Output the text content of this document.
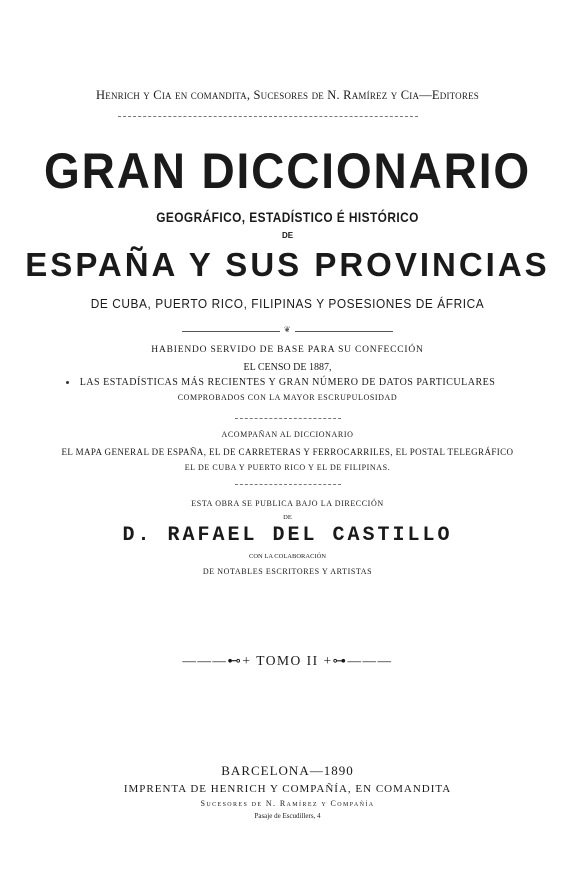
Henrich y Cia en comandita, Sucesores de N. Ramírez y Cia—Editores
GRAN DICCIONARIO
GEOGRÁFICO, ESTADÍSTICO É HISTÓRICO
DE
ESPAÑA Y SUS PROVINCIAS
DE CUBA, PUERTO RICO, FILIPINAS Y POSESIONES DE ÁFRICA
❦
HABIENDO SERVIDO DE BASE PARA SU CONFECCIÓN
EL CENSO DE 1887,
LAS ESTADÍSTICAS MÁS RECIENTES Y GRAN NÚMERO DE DATOS PARTICULARES
COMPROBADOS CON LA MAYOR ESCRUPULOSIDAD
ACOMPAÑAN AL DICCIONARIO
EL MAPA GENERAL DE ESPAÑA, EL DE CARRETERAS Y FERROCARRILES, EL POSTAL TELEGRÁFICO
EL DE CUBA Y PUERTO RICO Y EL DE FILIPINAS.
ESTA OBRA SE PUBLICA BAJO LA DIRECCIÓN
DE
D. RAFAEL DEL CASTILLO
CON LA COLABORACIÓN
DE NOTABLES ESCRITORES Y ARTISTAS
―――⊷+ TOMO II +⊶―――
BARCELONA—1890
IMPRENTA DE HENRICH Y COMPAÑÍA, EN COMANDITA
Sucesores de N. Ramírez y Compañía
Pasaje de Escudillers, 4
